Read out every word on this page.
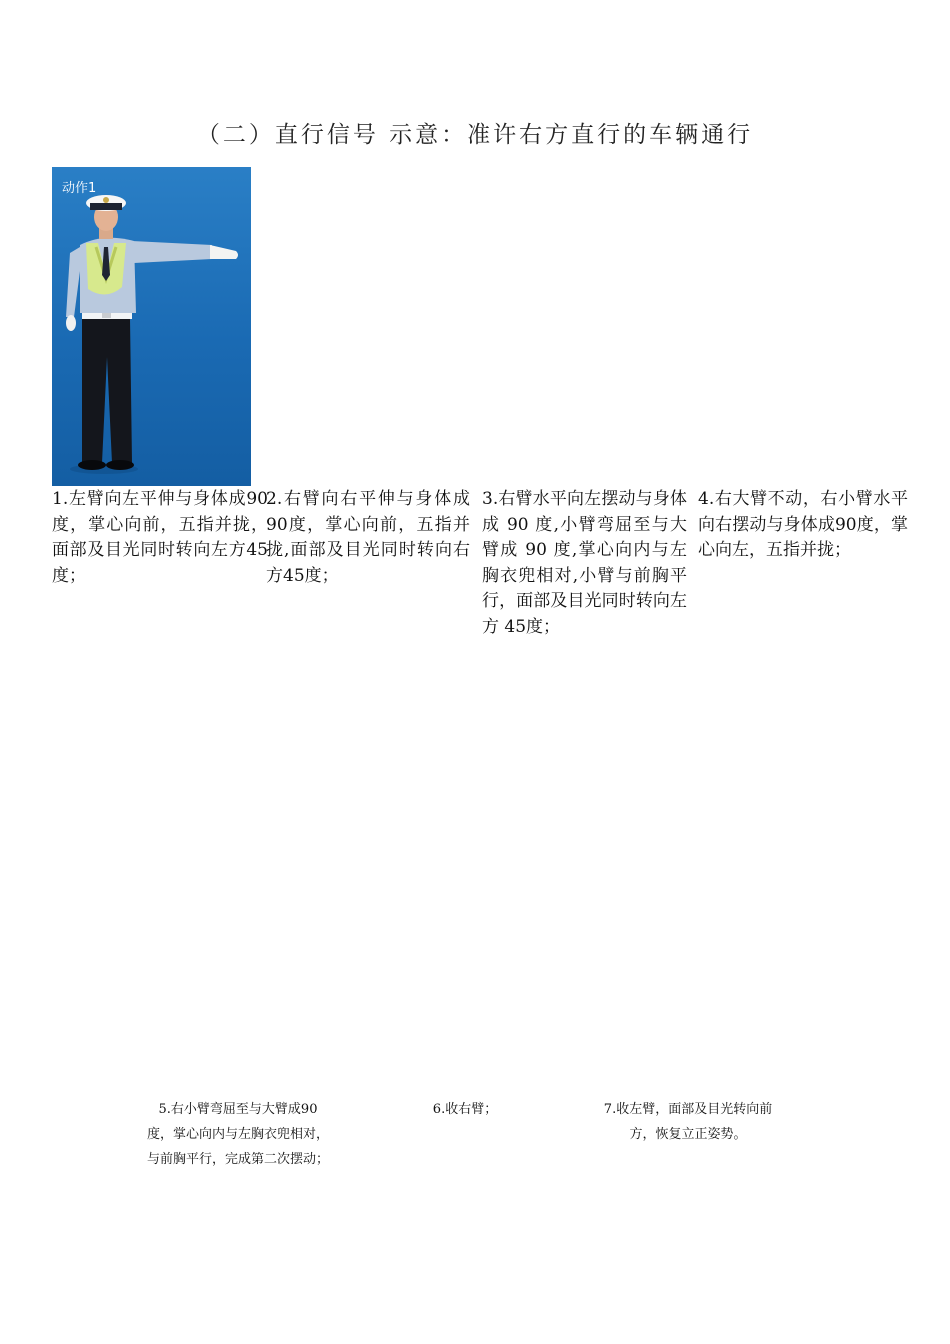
（二）直行信号 示意：准许右方直行的车辆通行
动作1
1.左臂向左平伸与身体成90度，掌心向前，五指并拢，面部及目光同时转向左方45度；
2.右臂向右平伸与身体成90度，掌心向前，五指并拢,面部及目光同时转向右方45度；
3.右臂水平向左摆动与身体成 90 度,小臂弯屈至与大臂成 90 度,掌心向内与左胸衣兜相对,小臂与前胸平行，面部及目光同时转向左方 45度；
4.右大臂不动，右小臂水平向右摆动与身体成90度，掌心向左，五指并拢；
5.右小臂弯屈至与大臂成90度，掌心向内与左胸衣兜相对，与前胸平行，完成第二次摆动；
6.收右臂；	7.收左臂，面部及目光转向前方，恢复立正姿势。
